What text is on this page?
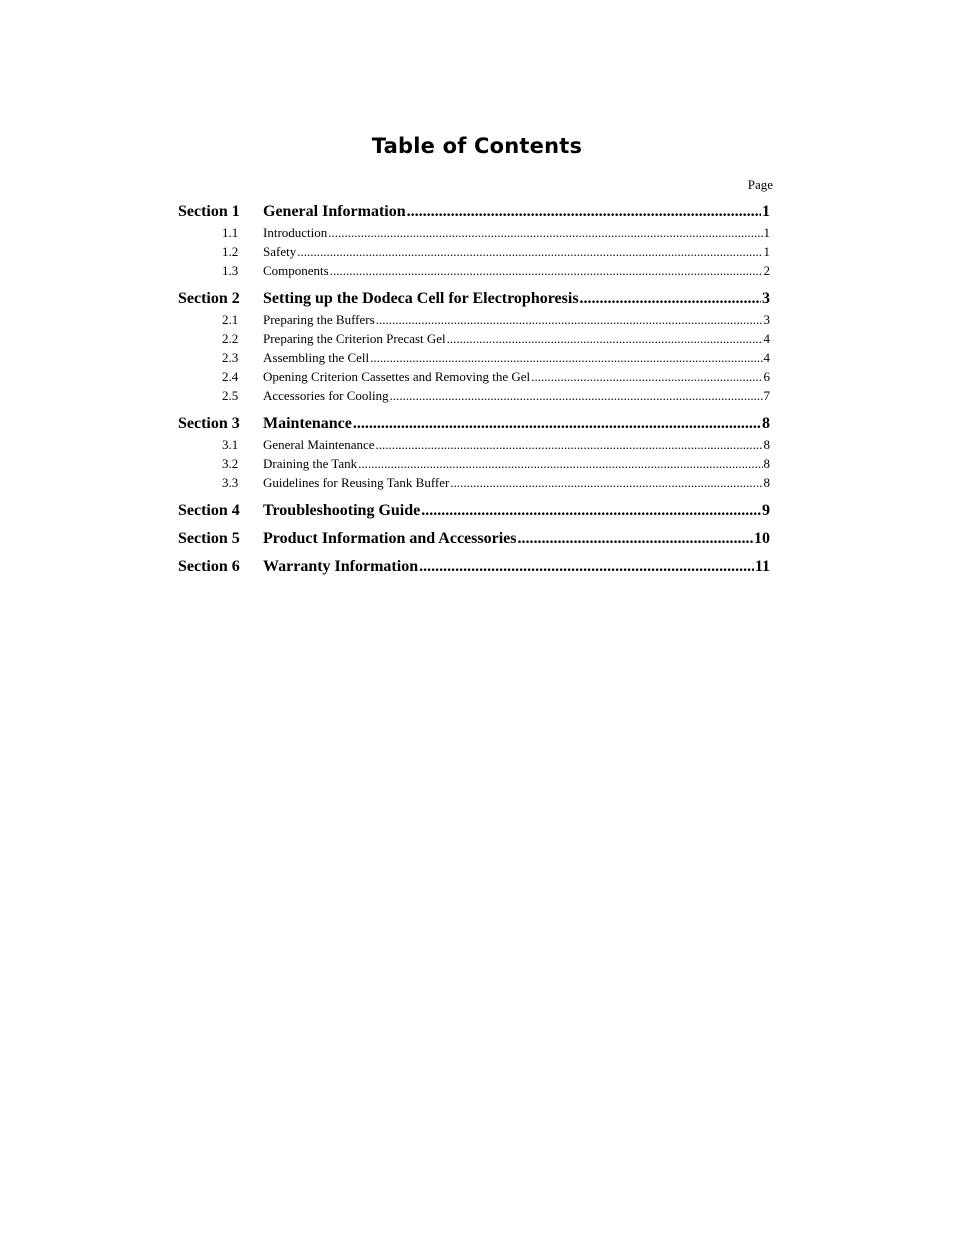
Table of Contents
Page
Section 1	General Information .....	1
1.1	Introduction .....	1
1.2	Safety .....	1
1.3	Components .....	2
Section 2	Setting up the Dodeca Cell for Electrophoresis .....	3
2.1	Preparing the Buffers .....	3
2.2	Preparing the Criterion Precast Gel .....	4
2.3	Assembling the Cell .....	4
2.4	Opening Criterion Cassettes and Removing the Gel .....	6
2.5	Accessories for Cooling .....	7
Section 3	Maintenance .....	8
3.1	General Maintenance .....	8
3.2	Draining the Tank .....	8
3.3	Guidelines for Reusing Tank Buffer .....	8
Section 4	Troubleshooting Guide .....	9
Section 5	Product Information and Accessories .....	10
Section 6	Warranty Information .....	11
